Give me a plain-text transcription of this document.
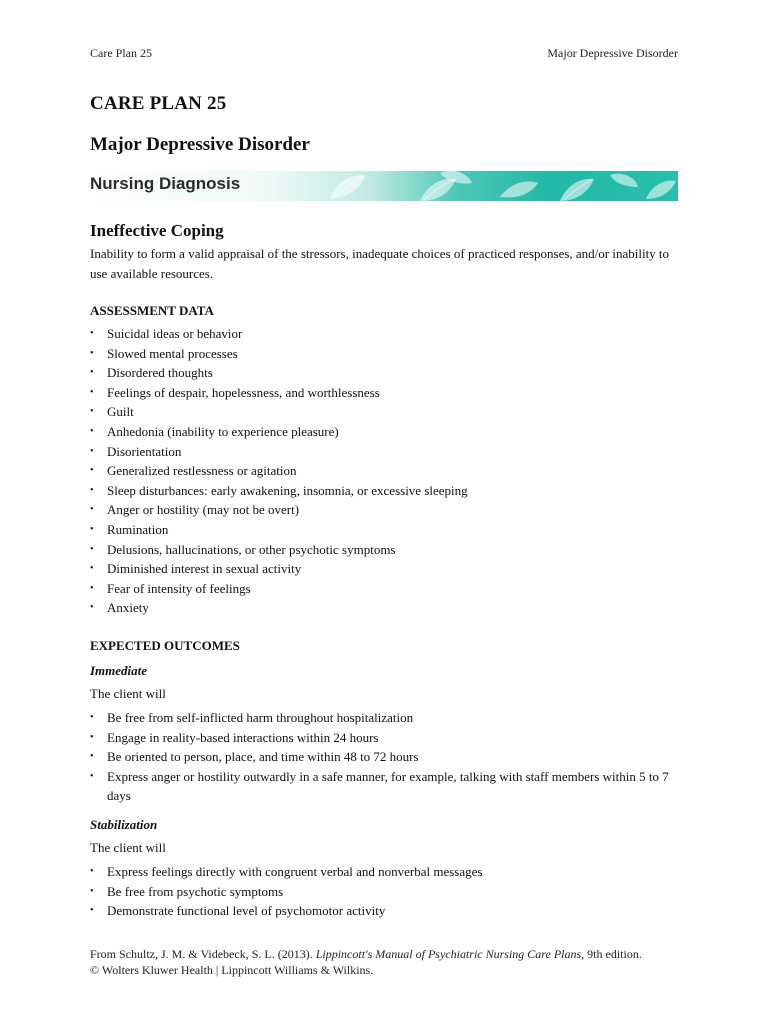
Care Plan 25	Major Depressive Disorder
CARE PLAN 25
Major Depressive Disorder
Nursing Diagnosis
Ineffective Coping

Inability to form a valid appraisal of the stressors, inadequate choices of practiced responses, and/or inability to use available resources.

ASSESSMENT DATA
• Suicidal ideas or behavior
• Slowed mental processes
• Disordered thoughts
• Feelings of despair, hopelessness, and worthlessness
• Guilt
• Anhedonia (inability to experience pleasure)
• Disorientation
• Generalized restlessness or agitation
• Sleep disturbances: early awakening, insomnia, or excessive sleeping
• Anger or hostility (may not be overt)
• Rumination
• Delusions, hallucinations, or other psychotic symptoms
• Diminished interest in sexual activity
• Fear of intensity of feelings
• Anxiety
EXPECTED OUTCOMES
Immediate

The client will

• Be free from self-inflicted harm throughout hospitalization
• Engage in reality-based interactions within 24 hours
• Be oriented to person, place, and time within 48 to 72 hours
• Express anger or hostility outwardly in a safe manner, for example, talking with staff members within 5 to 7 days
Stabilization

The client will

• Express feelings directly with congruent verbal and nonverbal messages
• Be free from psychotic symptoms
• Demonstrate functional level of psychomotor activity
From Schultz, J. M. & Videbeck, S. L. (2013). Lippincott's Manual of Psychiatric Nursing Care Plans, 9th edition.
© Wolters Kluwer Health | Lippincott Williams & Wilkins.
